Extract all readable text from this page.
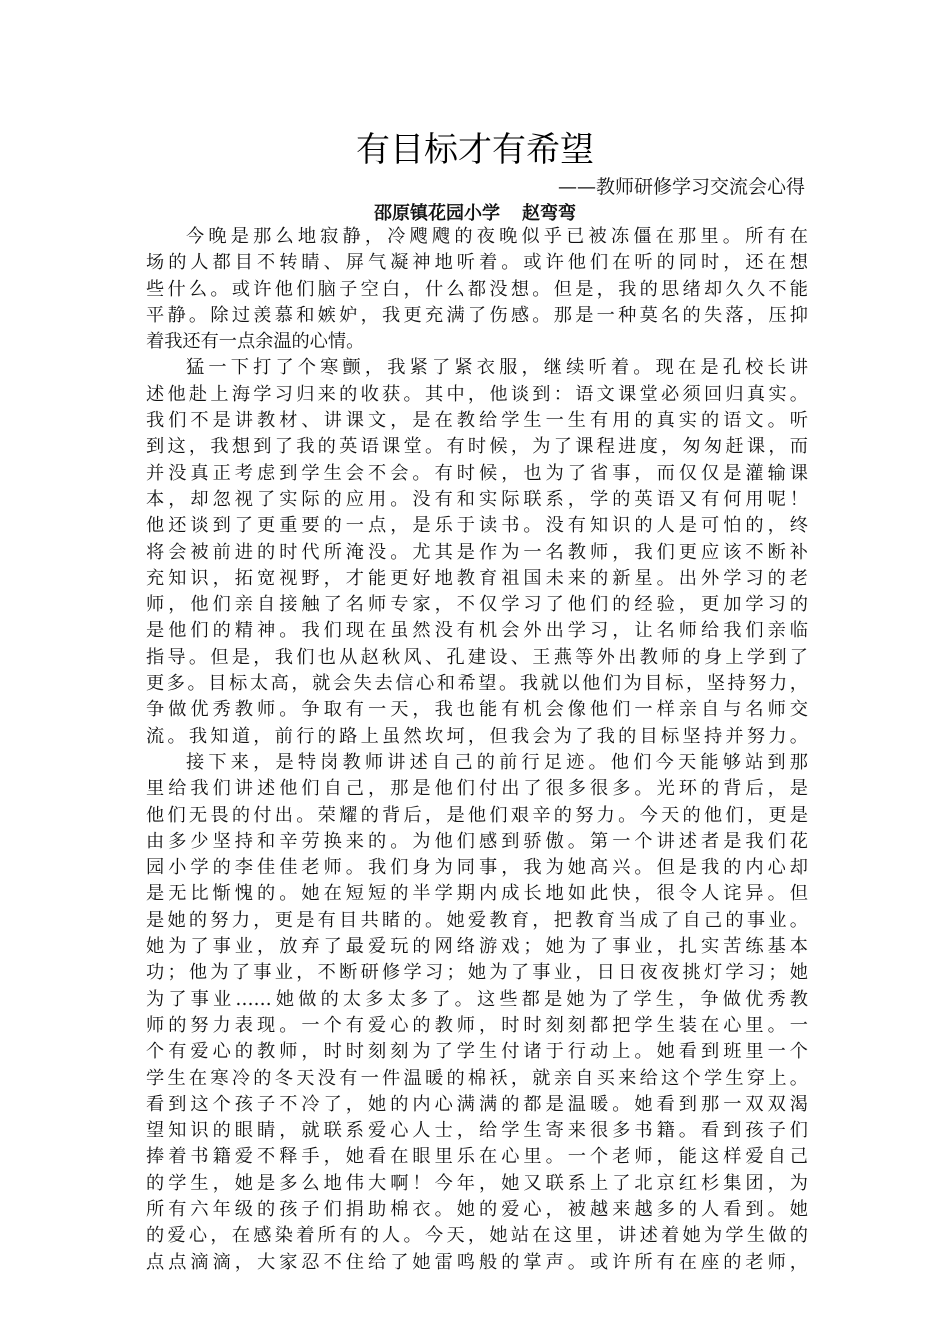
有目标才有希望

——教师研修学习交流会心得

邵原镇花园小学 赵弯弯

今晚是那么地寂静，冷飕飕的夜晚似乎已被冻僵在那里。所有在
场的人都目不转睛、屏气凝神地听着。或许他们在听的同时，还在想
些什么。或许他们脑子空白，什么都没想。但是，我的思绪却久久不能
平静。除过羡慕和嫉妒，我更充满了伤感。那是一种莫名的失落，压抑
着我还有一点余温的心情。
猛一下打了个寒颤，我紧了紧衣服，继续听着。现在是孔校长讲
述他赴上海学习归来的收获。其中，他谈到：语文课堂必须回归真实。
我们不是讲教材、讲课文，是在教给学生一生有用的真实的语文。听
到这，我想到了我的英语课堂。有时候，为了课程进度，匆匆赶课，而
并没真正考虑到学生会不会。有时候，也为了省事，而仅仅是灌输课
本，却忽视了实际的应用。没有和实际联系，学的英语又有何用呢！
他还谈到了更重要的一点，是乐于读书。没有知识的人是可怕的，终
将会被前进的时代所淹没。尤其是作为一名教师，我们更应该不断补
充知识，拓宽视野，才能更好地教育祖国未来的新星。出外学习的老
师，他们亲自接触了名师专家，不仅学习了他们的经验，更加学习的
是他们的精神。我们现在虽然没有机会外出学习，让名师给我们亲临
指导。但是，我们也从赵秋风、孔建设、王燕等外出教师的身上学到了
更多。目标太高，就会失去信心和希望。我就以他们为目标，坚持努力，
争做优秀教师。争取有一天，我也能有机会像他们一样亲自与名师交
流。我知道，前行的路上虽然坎坷，但我会为了我的目标坚持并努力。
接下来，是特岗教师讲述自己的前行足迹。他们今天能够站到那
里给我们讲述他们自己，那是他们付出了很多很多。光环的背后，是
他们无畏的付出。荣耀的背后，是他们艰辛的努力。今天的他们，更是
由多少坚持和辛劳换来的。为他们感到骄傲。第一个讲述者是我们花
园小学的李佳佳老师。我们身为同事，我为她高兴。但是我的内心却
是无比惭愧的。她在短短的半学期内成长地如此快，很令人诧异。但
是她的努力，更是有目共睹的。她爱教育，把教育当成了自己的事业。
她为了事业，放弃了最爱玩的网络游戏；她为了事业，扎实苦练基本
功；他为了事业，不断研修学习；她为了事业，日日夜夜挑灯学习；她
为了事业……她做的太多太多了。这些都是她为了学生，争做优秀教
师的努力表现。一个有爱心的教师，时时刻刻都把学生装在心里。一
个有爱心的教师，时时刻刻为了学生付诸于行动上。她看到班里一个
学生在寒冷的冬天没有一件温暖的棉袄，就亲自买来给这个学生穿上。
看到这个孩子不冷了，她的内心满满的都是温暖。她看到那一双双渴
望知识的眼睛，就联系爱心人士，给学生寄来很多书籍。看到孩子们
捧着书籍爱不释手，她看在眼里乐在心里。一个老师，能这样爱自己
的学生，她是多么地伟大啊！今年，她又联系上了北京红杉集团，为
所有六年级的孩子们捐助棉衣。她的爱心，被越来越多的人看到。她
的爱心，在感染着所有的人。今天，她站在这里，讲述着她为学生做的
点点滴滴，大家忍不住给了她雷鸣般的掌声。或许所有在座的老师，
